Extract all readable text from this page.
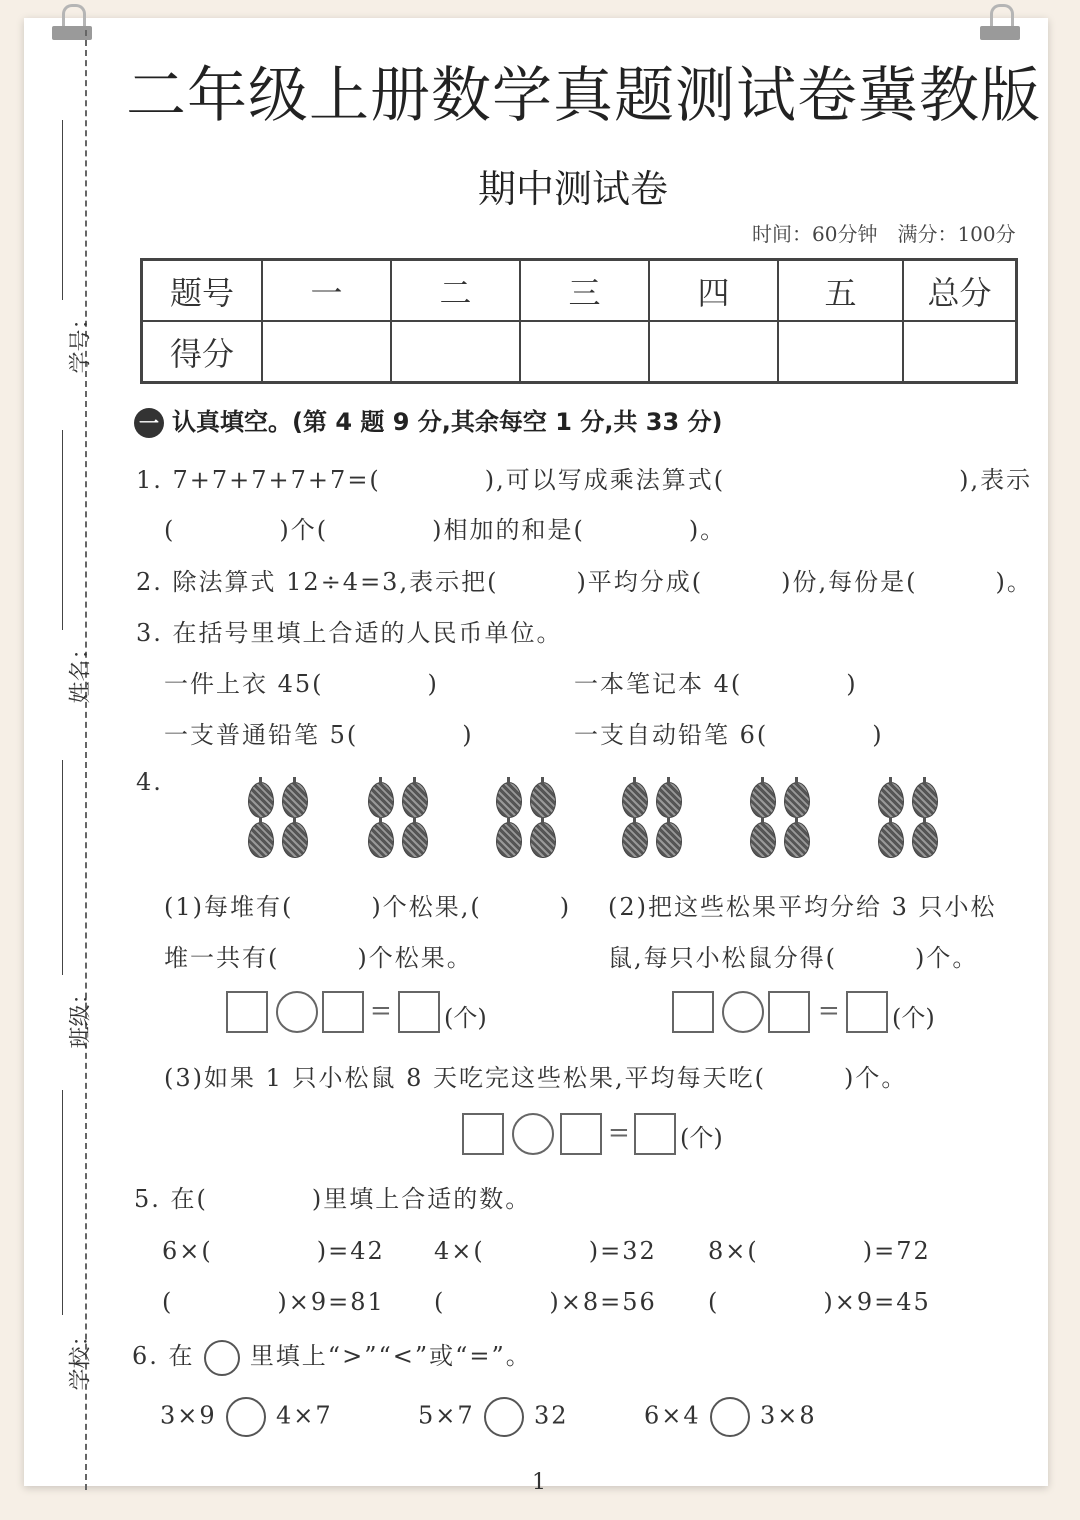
学号：
姓名：
班级：
学校：
二年级上册数学真题测试卷冀教版
期中测试卷
时间：60分钟　满分：100分
题号	一	二	三	四	五	总分
得分						
一 认真填空。(第 4 题 9 分,其余每空 1 分,共 33 分)
1. 7+7+7+7+7=(　　　　),可以写成乘法算式(　　　　　　　　　),表示
(　　　　)个(　　　　)相加的和是(　　　　)。
2. 除法算式 12÷4=3,表示把(　　　)平均分成(　　　)份,每份是(　　　)。
3. 在括号里填上合适的人民币单位。
一件上衣 45(　　　　)	一本笔记本 4(　　　　)
一支普通铅笔 5(　　　　)	一支自动铅笔 6(　　　　)
4.
(1)每堆有(　　　)个松果,(　　　)
堆一共有(　　　)个松果。
(2)把这些松果平均分给 3 只小松
鼠,每只小松鼠分得(　　　)个。
= (个)	= (个)
(3)如果 1 只小松鼠 8 天吃完这些松果,平均每天吃(　　　)个。
= (个)
5. 在(　　　　)里填上合适的数。
6×(　　　　)=42 4×(　　　　)=32 8×(　　　　)=72
(　　　　)×9=81 (　　　　)×8=56 (　　　　)×9=45
6. 在 里填上“>”“<”或“=”。
3×9 4×7	5×7 32	6×4 3×8
1
